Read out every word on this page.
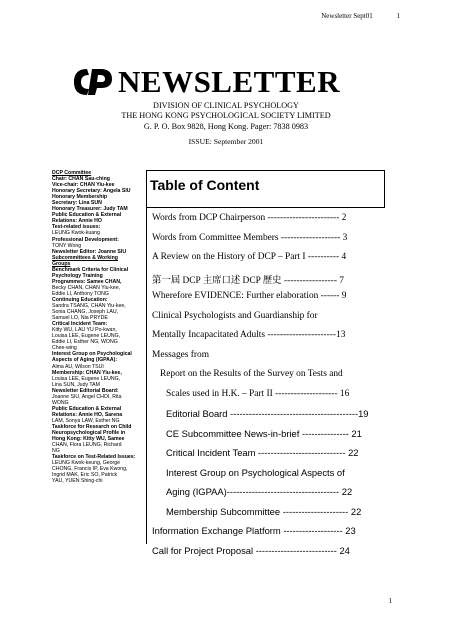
Newsletter Sept01	1
NEWSLETTER
DIVISION OF CLINICAL PSYCHOLOGY
THE HONG KONG PSYCHOLOGICAL SOCIETY LIMITED
G. P. O. Box 9828, Hong Kong. Pager: 7838 0983
ISSUE: September 2001
DCP Committee
Chair: CHAN Sau-ching
Vice-chair: CHAN Yiu-kee
Honorary Secretary: Angela SIU
Honorary Membership
Secretary: Lina SUN
Honorary Treasurer: Judy TAM
Public Education & External
Relations: Annie HO
Test-related issues:
LEUNG Kwok-kuang
Professional Development:
TONY Wong
Newsletter Editor: Joanne SIU
Subcommittees & Working
Groups
Benchmark Criteria for Clinical
Psychology Training
Programmes: Samee CHAN,
Becky CHAN, CHAN Yiu-kee,
Eddie LI, Anthony TONG
Continuing Education:
Sandra TSANG, CHAN Yiu-kee,
Sonia CHANG, Joseph LAU,
Samuel LO, Nia PRYDE
Critical Incident Team:
Kitty WU, LAU YU Po-kwan,
Louisa LEE, Eugene LEUNG,
Eddie LI, Esther NG, WONG
Chee-wing
Interest Group on Psychological
Aspects of Aging (IGPAA):
Alma AU, Wilson TSUI
Membership: CHAN Yiu-kee,
Louisa LEE, Eugene LEUNG,
Lina SUN, Judy TAM
Newsletter Editorial Board:
Joanne SIU, Angel CHOI, Rita
WONG
Public Education & External
Relations: Annie HO, Sarena
LAM, Sonya LAW, Esther NG
Taskforce for Research on Child
Neuropsychological Profile in
Hong Kong: Kitty WU, Samee
CHAN, Flora LEUNG, Richard
NG
Taskforce on Test-Related Issues:
LEUNG Kwok-keung, George
CHONG, Francis IP, Eva Kwong,
Ingrid MAK, Eric SO, Patrick
YAU, YUEN Shing-chi
Table of Content
Words from DCP Chairperson ----------------------- 2
Words from Committee Members ------------------- 3
A Review on the History of DCP – Part I ---------- 4
第一屆 DCP 主席口述 DCP 歷史 ----------------- 7
Wherefore EVIDENCE: Further elaboration ------ 9
Clinical Psychologists and Guardianship for
Mentally Incapacitated Adults ----------------------13
Messages from
Report on the Results of the Survey on Tests and
Scales used in H.K. – Part II -------------------- 16
Editorial Board -----------------------------------------19
CE Subcommittee News-in-brief --------------- 21
Critical Incident Team ---------------------------- 22
Interest Group on Psychological Aspects of
Aging (IGPAA)------------------------------------ 22
Membership Subcommittee --------------------- 22
Information Exchange Platform ------------------- 23
Call for Project Proposal -------------------------- 24
1
